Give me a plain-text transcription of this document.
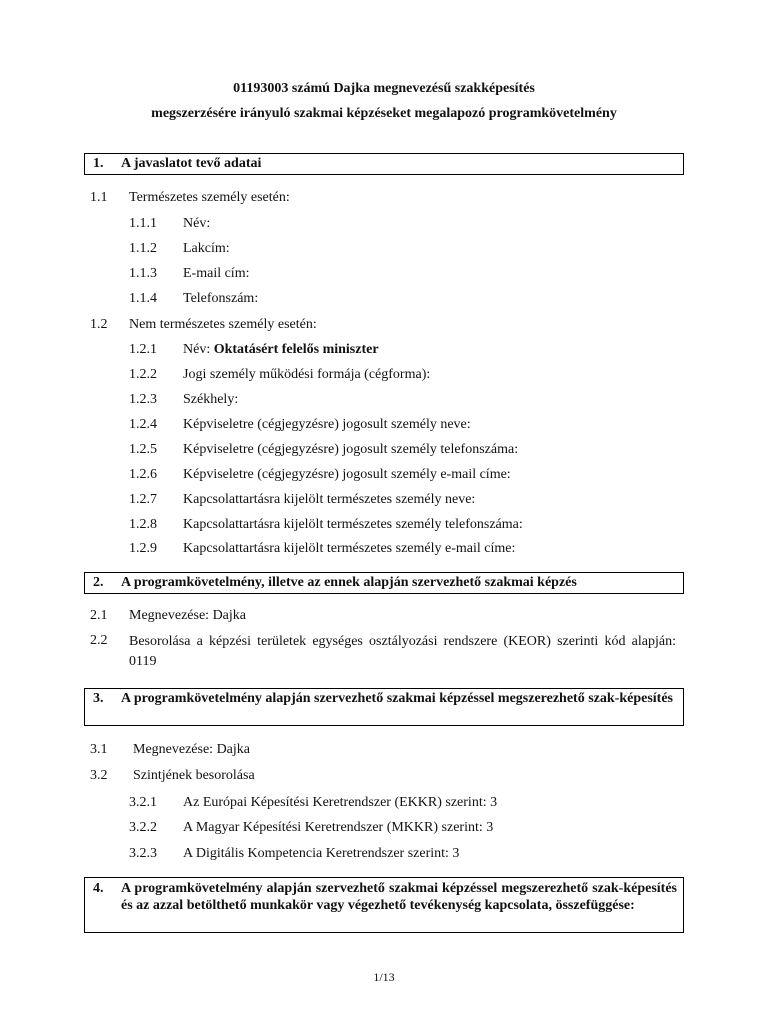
01193003 számú Dajka megnevezésű szakképesítés
megszerzésére irányuló szakmai képzéseket megalapozó programkövetelmény
1. A javaslatot tevő adatai
1.1 Természetes személy esetén:
1.1.1 Név:
1.1.2 Lakcím:
1.1.3 E-mail cím:
1.1.4 Telefonszám:
1.2 Nem természetes személy esetén:
1.2.1 Név: Oktatásért felelős miniszter
1.2.2 Jogi személy működési formája (cégforma):
1.2.3 Székhely:
1.2.4 Képviseletre (cégjegyzésre) jogosult személy neve:
1.2.5 Képviseletre (cégjegyzésre) jogosult személy telefonszáma:
1.2.6 Képviseletre (cégjegyzésre) jogosult személy e-mail címe:
1.2.7 Kapcsolattartásra kijelölt természetes személy neve:
1.2.8 Kapcsolattartásra kijelölt természetes személy telefonszáma:
1.2.9 Kapcsolattartásra kijelölt természetes személy e-mail címe:
2. A programkövetelmény, illetve az ennek alapján szervezhető szakmai képzés
2.1 Megnevezése: Dajka
2.2 Besorolása a képzési területek egységes osztályozási rendszere (KEOR) szerinti kód alapján: 0119
3. A programkövetelmény alapján szervezhető szakmai képzéssel megszerezhető szak-képesítés
3.1 Megnevezése: Dajka
3.2 Szintjének besorolása
3.2.1 Az Európai Képesítési Keretrendszer (EKKR) szerint: 3
3.2.2 A Magyar Képesítési Keretrendszer (MKKR) szerint: 3
3.2.3 A Digitális Kompetencia Keretrendszer szerint: 3
4. A programkövetelmény alapján szervezhető szakmai képzéssel megszerezhető szak-képesítés és az azzal betölthető munkakör vagy végezhető tevékenység kapcsolata, összefüggése:
1/13
